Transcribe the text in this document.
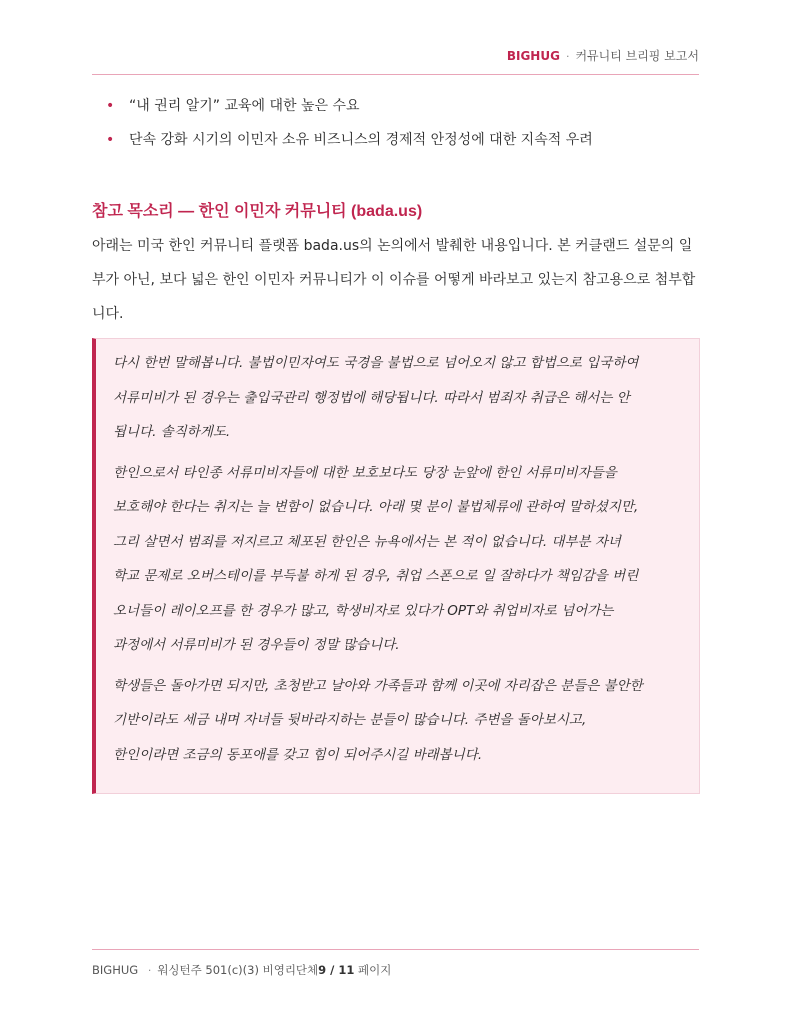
BIGHUG · 커뮤니티 브리핑 보고서
• “내 권리 알기” 교육에 대한 높은 수요
• 단속 강화 시기의 이민자 소유 비즈니스의 경제적 안정성에 대한 지속적 우려
참고 목소리 — 한인 이민자 커뮤니티 (bada.us)

아래는 미국 한인 커뮤니티 플랫폼 bada.us의 논의에서 발췌한 내용입니다. 본 커클랜드 설문의 일부가 아닌, 보다 넓은 한인 이민자 커뮤니티가 이 이슈를 어떻게 바라보고 있는지 참고용으로 첨부합니다.

다시 한번 말해봅니다. 불법이민자여도 국경을 불법으로 넘어오지 않고 합법으로 입국하여
서류미비가 된 경우는 출입국관리 행정법에 해당됩니다. 따라서 범죄자 취급은 해서는 안
됩니다. 솔직하게도.

한인으로서 타인종 서류미비자들에 대한 보호보다도 당장 눈앞에 한인 서류미비자들을
보호해야 한다는 취지는 늘 변함이 없습니다. 아래 몇 분이 불법체류에 관하여 말하셨지만,
그리 살면서 범죄를 저지르고 체포된 한인은 뉴욕에서는 본 적이 없습니다. 대부분 자녀
학교 문제로 오버스테이를 부득불 하게 된 경우, 취업 스폰으로 일 잘하다가 책임감을 버린
오너들이 레이오프를 한 경우가 많고, 학생비자로 있다가 OPT와 취업비자로 넘어가는
과정에서 서류미비가 된 경우들이 정말 많습니다.

학생들은 돌아가면 되지만, 초청받고 날아와 가족들과 함께 이곳에 자리잡은 분들은 불안한
기반이라도 세금 내며 자녀들 뒷바라지하는 분들이 많습니다. 주변을 돌아보시고,
한인이라면 조금의 동포애를 갖고 힘이 되어주시길 바래봅니다.

BIGHUG · 워싱턴주 501(c)(3) 비영리단체9 / 11 페이지
